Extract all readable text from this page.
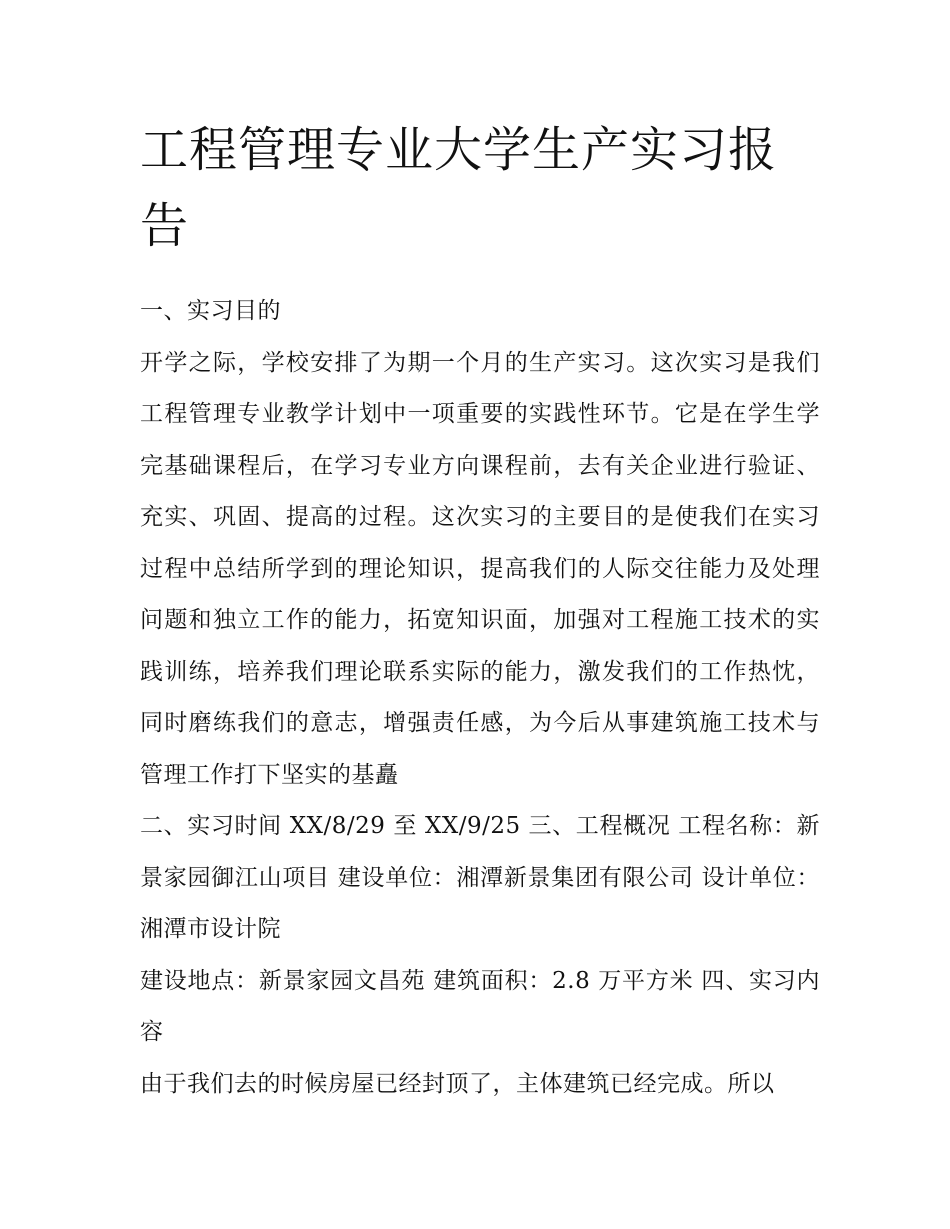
工程管理专业大学生产实习报告

一、实习目的

开学之际，学校安排了为期一个月的生产实习。这次实习是我们工程管理专业教学计划中一项重要的实践性环节。它是在学生学完基础课程后，在学习专业方向课程前，去有关企业进行验证、充实、巩固、提高的过程。这次实习的主要目的是使我们在实习过程中总结所学到的理论知识，提高我们的人际交往能力及处理问题和独立工作的能力，拓宽知识面，加强对工程施工技术的实践训练，培养我们理论联系实际的能力，激发我们的工作热忱，同时磨练我们的意志，增强责任感，为今后从事建筑施工技术与管理工作打下坚实的基矗

二、实习时间 XX/8/29 至 XX/9/25 三、工程概况 工程名称：新景家园御江山项目 建设单位：湘潭新景集团有限公司 设计单位：湘潭市设计院

建设地点：新景家园文昌苑 建筑面积：2.8 万平方米 四、实习内容

由于我们去的时候房屋已经封顶了，主体建筑已经完成。所以
